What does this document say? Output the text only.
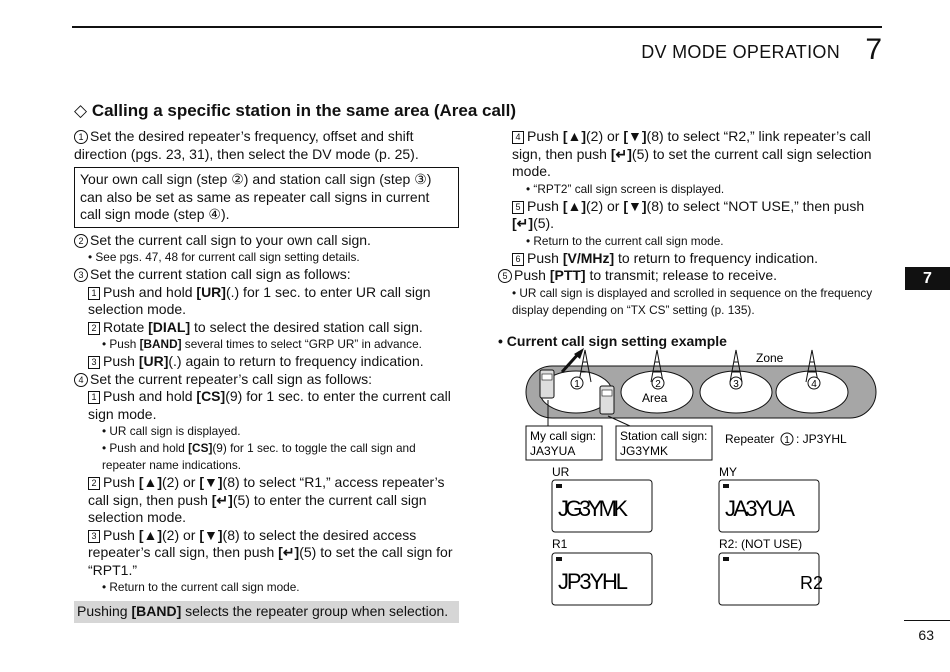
DV MODE OPERATION 7
◇ Calling a specific station in the same area (Area call)

1 Set the desired repeater’s frequency, offset and shift direction (pgs. 23, 31), then select the DV mode (p. 25).

Your own call sign (step ②) and station call sign (step ③) can also be set as same as repeater call signs in current call sign mode (step ④).

2 Set the current call sign to your own call sign.

• See pgs. 47, 48 for current call sign setting details.

3 Set the current station call sign as follows:

1 Push and hold [UR](.) for 1 sec. to enter UR call sign selection mode.

2 Rotate [DIAL] to select the desired station call sign.

• Push [BAND] several times to select “GRP UR” in advance.

3 Push [UR](.) again to return to frequency indication.

4 Set the current repeater’s call sign as follows:

1 Push and hold [CS](9) for 1 sec. to enter the current call sign mode.

• UR call sign is displayed.

• Push and hold [CS](9) for 1 sec. to toggle the call sign and repeater name indications.

2 Push [▲](2) or [▼](8) to select “R1,” access repeater’s call sign, then push [↵](5) to enter the current call sign selection mode.

3 Push [▲](2) or [▼](8) to select the desired access repeater’s call sign, then push [↵](5) to set the call sign for “RPT1.”

• Return to the current call sign mode.

Pushing [BAND] selects the repeater group when selection.

4 Push [▲](2) or [▼](8) to select “R2,” link repeater’s call sign, then push [↵](5) to set the current call sign selection mode.

• “RPT2” call sign screen is displayed.

5 Push [▲](2) or [▼](8) to select “NOT USE,” then push [↵](5).

• Return to the current call sign mode.

6 Push [V/MHz] to return to frequency indication.

5 Push [PTT] to transmit; release to receive.

• UR call sign is displayed and scrolled in sequence on the frequency display depending on “TX CS” setting (p. 135).

• Current call sign setting example

1	2	3	4
Area
Zone
My call sign:
JA3YUA
Station call sign:
JG3YMK
Repeater 1 : JP3YHL
UR
JG3YMK
MY
JA3YUA
R1
JP3YHL
R2: (NOT USE)
R2
7
63
